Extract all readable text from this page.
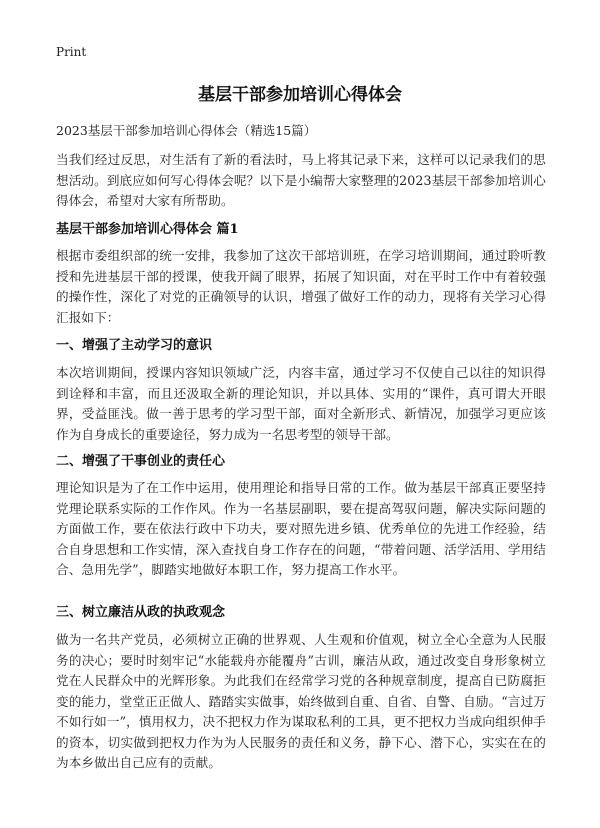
Print
基层干部参加培训心得体会
2023基层干部参加培训心得体会（精选15篇）
当我们经过反思，对生活有了新的看法时，马上将其记录下来，这样可以记录我们的思想活动。到底应如何写心得体会呢？以下是小编帮大家整理的2023基层干部参加培训心得体会，希望对大家有所帮助。
基层干部参加培训心得体会 篇1
根据市委组织部的统一安排，我参加了这次干部培训班，在学习培训期间，通过聆听教授和先进基层干部的授课，使我开阔了眼界，拓展了知识面，对在平时工作中有着较强的操作性，深化了对党的正确领导的认识，增强了做好工作的动力，现将有关学习心得汇报如下：
一、增强了主动学习的意识
本次培训期间，授课内容知识领域广泛，内容丰富，通过学习不仅使自己以往的知识得到诠释和丰富，而且还汲取全新的理论知识，并以具体、实用的“课件，真可谓大开眼界，受益匪浅。做一善于思考的学习型干部，面对全新形式、新情况，加强学习更应该作为自身成长的重要途径，努力成为一名思考型的领导干部。
二、增强了干事创业的责任心
理论知识是为了在工作中运用，使用理论和指导日常的工作。做为基层干部真正要坚持党理论联系实际的工作作风。作为一名基层副职，要在提高驾驭问题，解决实际问题的方面做工作，要在依法行政中下功夫，要对照先进乡镇、优秀单位的先进工作经验，结合自身思想和工作实情，深入查找自身工作存在的问题，“带着问题、活学活用、学用结合、急用先学”，脚踏实地做好本职工作，努力提高工作水平。
三、树立廉洁从政的执政观念
做为一名共产党员，必须树立正确的世界观、人生观和价值观，树立全心全意为人民服务的决心；要时时刻牢记“水能载舟亦能覆舟”古训，廉洁从政，通过改变自身形象树立党在人民群众中的光辉形象。为此我们在经常学习党的各种规章制度，提高自已防腐拒变的能力，堂堂正正做人、踏踏实实做事，始终做到自重、自省、自警、自励。“言过万不如行如一”，慎用权力，决不把权力作为谋取私利的工具，更不把权力当成向组织伸手的资本，切实做到把权力作为为人民服务的责任和义务，静下心、潜下心，实实在在的为本乡做出自己应有的贡献。
